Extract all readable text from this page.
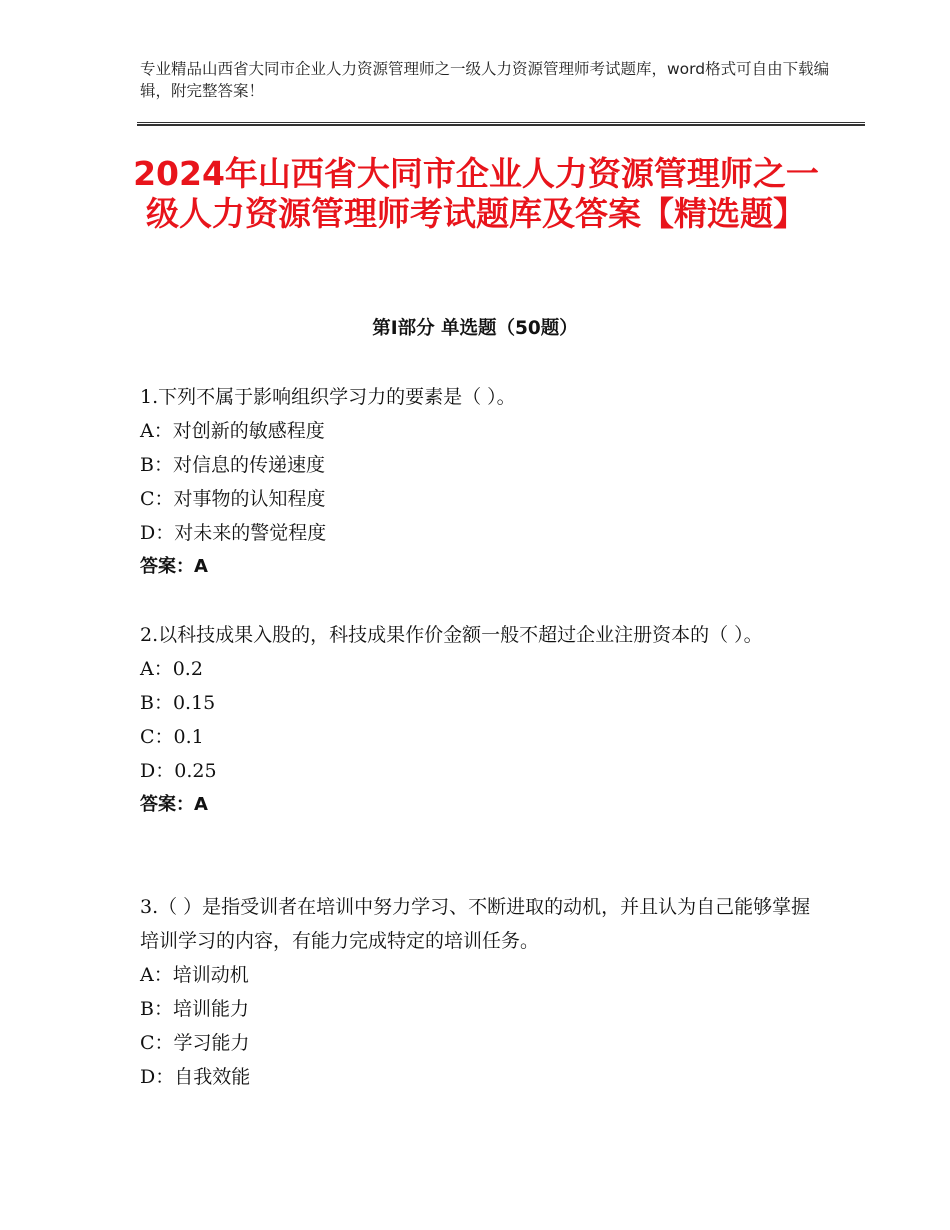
专业精品山西省大同市企业人力资源管理师之一级人力资源管理师考试题库，word格式可自由下载编辑，附完整答案！
2024年山西省大同市企业人力资源管理师之一级人力资源管理师考试题库及答案【精选题】
第Ⅰ部分 单选题（50题）

1.下列不属于影响组织学习力的要素是（ ）。

A：对创新的敏感程度

B：对信息的传递速度

C：对事物的认知程度

D：对未来的警觉程度

答案：A

2.以科技成果入股的，科技成果作价金额一般不超过企业注册资本的（ ）。

A：0.2

B：0.15

C：0.1

D：0.25

答案：A

3.（ ）是指受训者在培训中努力学习、不断进取的动机，并且认为自己能够掌握培训学习的内容，有能力完成特定的培训任务。

A：培训动机

B：培训能力

C：学习能力

D：自我效能
